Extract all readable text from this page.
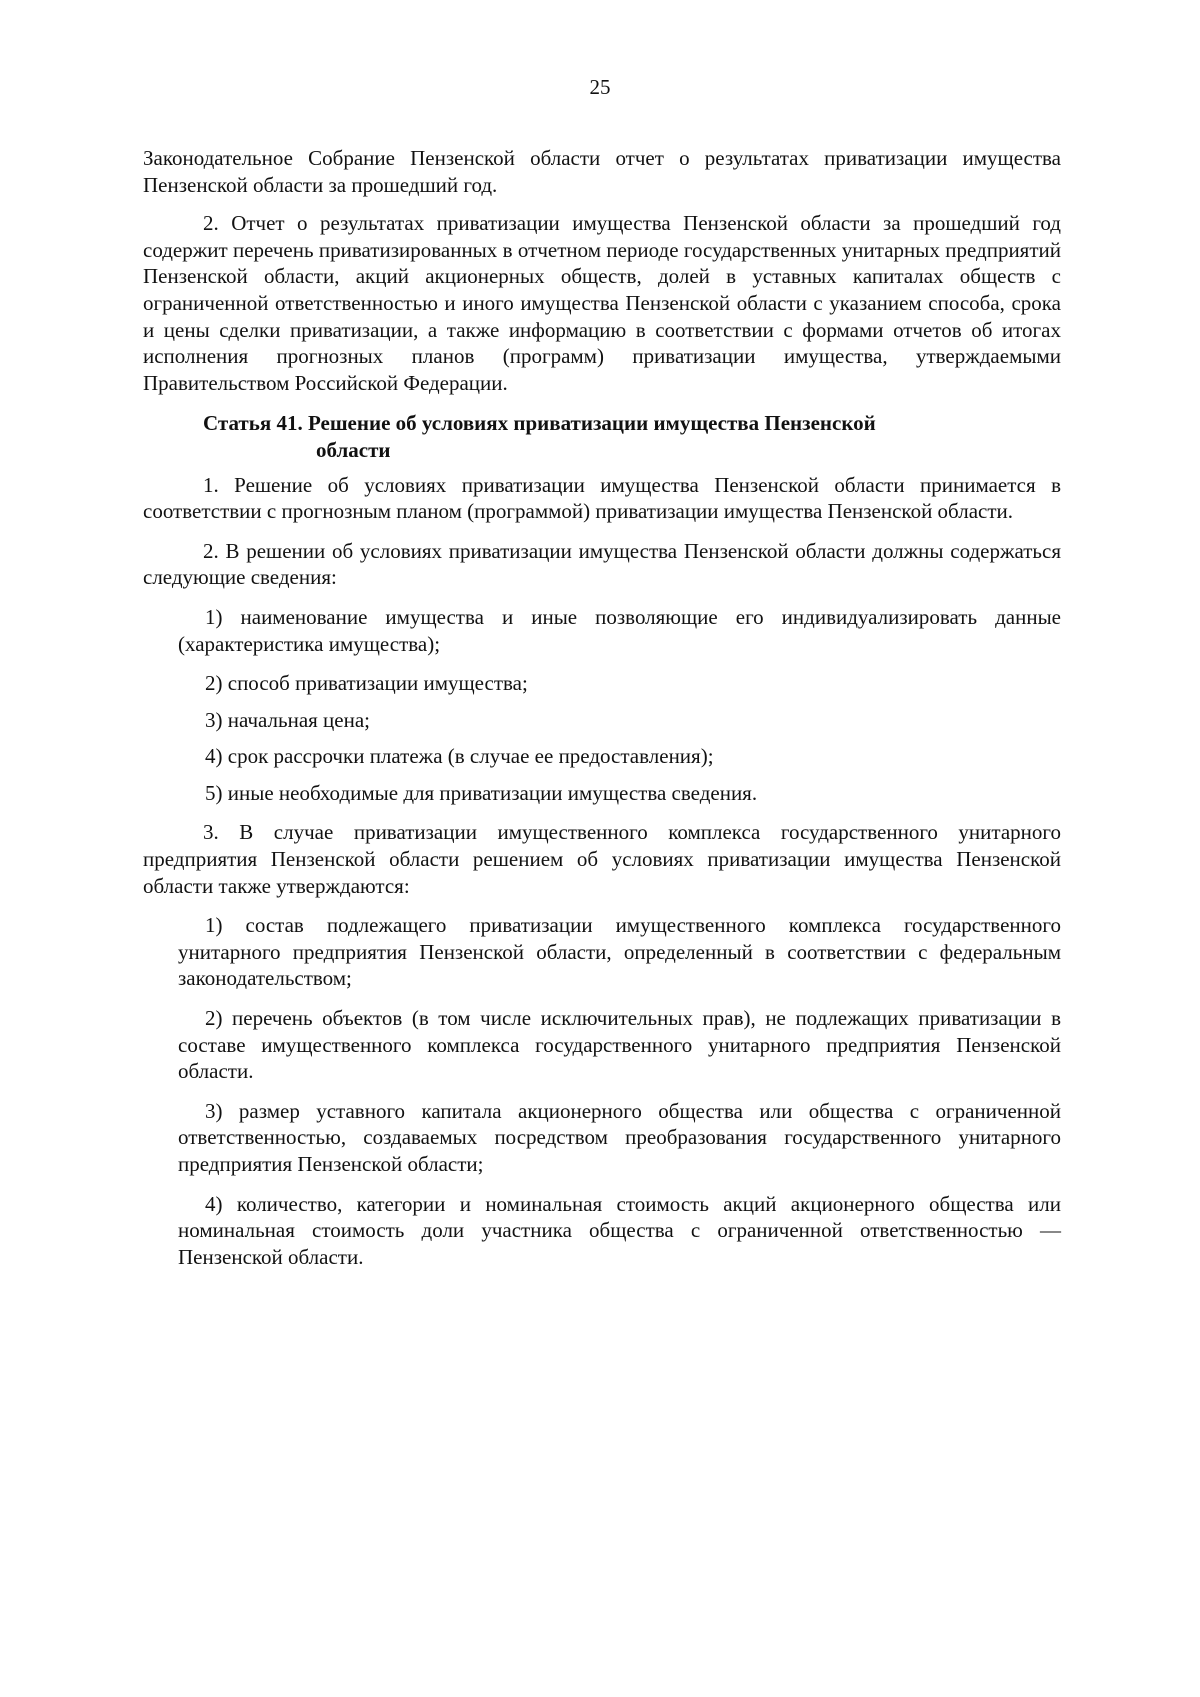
25

Законодательное Собрание Пензенской области отчет о результатах приватизации имущества Пензенской области за прошедший год.

2. Отчет о результатах приватизации имущества Пензенской области за прошедший год содержит перечень приватизированных в отчетном периоде государственных унитарных предприятий Пензенской области, акций акционерных обществ, долей в уставных капиталах обществ с ограниченной ответственностью и иного имущества Пензенской области с указанием способа, срока и цены сделки приватизации, а также информацию в соответствии с формами отчетов об итогах исполнения прогнозных планов (программ) приватизации имущества, утверждаемыми Правительством Российской Федерации.

Статья 41. Решение об условиях приватизации имущества Пензенской
области

1. Решение об условиях приватизации имущества Пензенской области принимается в соответствии с прогнозным планом (программой) приватизации имущества Пензенской области.

2. В решении об условиях приватизации имущества Пензенской области должны содержаться следующие сведения:

1) наименование имущества и иные позволяющие его индивидуализировать данные (характеристика имущества);

2) способ приватизации имущества;

3) начальная цена;

4) срок рассрочки платежа (в случае ее предоставления);

5) иные необходимые для приватизации имущества сведения.

3. В случае приватизации имущественного комплекса государственного унитарного предприятия Пензенской области решением об условиях приватизации имущества Пензенской области также утверждаются:

1) состав подлежащего приватизации имущественного комплекса государственного унитарного предприятия Пензенской области, определенный в соответствии с федеральным законодательством;

2) перечень объектов (в том числе исключительных прав), не подлежащих приватизации в составе имущественного комплекса государственного унитарного предприятия Пензенской области.

3) размер уставного капитала акционерного общества или общества с ограниченной ответственностью, создаваемых посредством преобразования государственного унитарного предприятия Пензенской области;

4) количество, категории и номинальная стоимость акций акционерного общества или номинальная стоимость доли участника общества с ограниченной ответственностью — Пензенской области.
